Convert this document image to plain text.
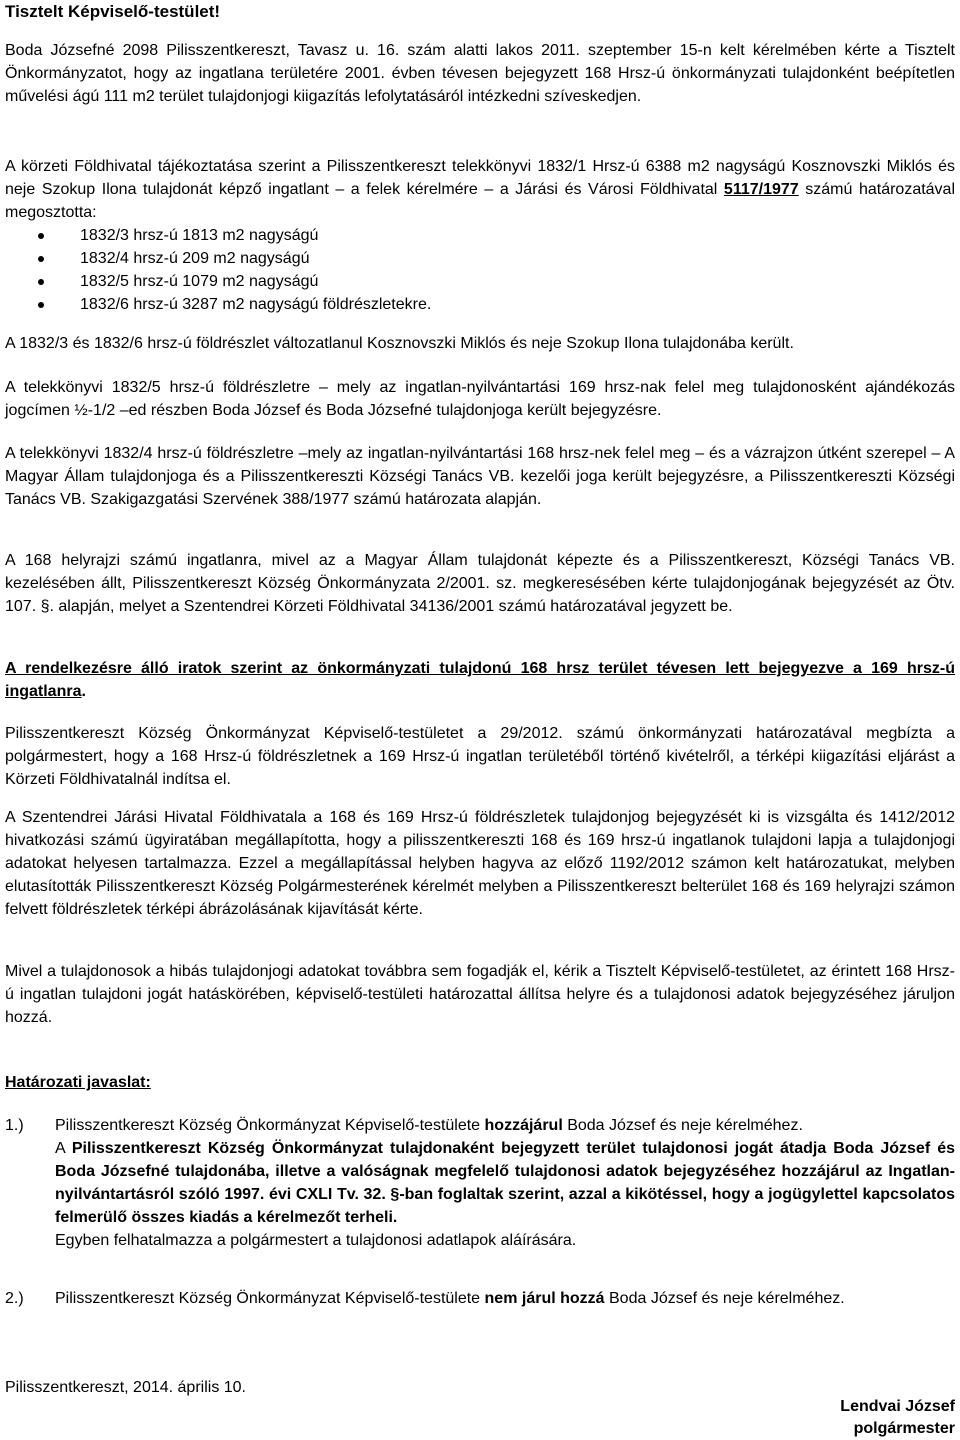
Tisztelt Képviselő-testület!

Boda Józsefné 2098 Pilisszentkereszt, Tavasz u. 16. szám alatti lakos 2011. szeptember 15-n kelt kérelmében kérte a Tisztelt Önkormányzatot, hogy az ingatlana területére 2001. évben tévesen bejegyzett 168 Hrsz-ú önkormányzati tulajdonként beépítetlen művelési ágú 111 m2 terület tulajdonjogi kiigazítás lefolytatásáról intézkedni szíveskedjen.

A körzeti Földhivatal tájékoztatása szerint a Pilisszentkereszt telekkönyvi 1832/1 Hrsz-ú 6388 m2 nagyságú Kosznovszki Miklós és neje Szokup Ilona tulajdonát képző ingatlant – a felek kérelmére – a Járási és Városi Földhivatal 5117/1977 számú határozatával megosztotta:

1832/3 hrsz-ú 1813 m2 nagyságú
1832/4 hrsz-ú 209 m2 nagyságú
1832/5 hrsz-ú 1079 m2 nagyságú
1832/6 hrsz-ú 3287 m2 nagyságú földrészletekre.

A 1832/3 és 1832/6 hrsz-ú földrészlet változatlanul Kosznovszki Miklós és neje Szokup Ilona tulajdonába került.

A telekkönyvi 1832/5 hrsz-ú földrészletre – mely az ingatlan-nyilvántartási 169 hrsz-nak felel meg tulajdonosként ajándékozás jogcímen ½-1/2 –ed részben Boda József és Boda Józsefné tulajdonjoga került bejegyzésre.

A telekkönyvi 1832/4 hrsz-ú földrészletre –mely az ingatlan-nyilvántartási 168 hrsz-nek felel meg – és a vázrajzon útként szerepel – A Magyar Állam tulajdonjoga és a Pilisszentkereszti Községi Tanács VB. kezelői joga került bejegyzésre, a Pilisszentkereszti Községi Tanács VB. Szakigazgatási Szervének 388/1977 számú határozata alapján.

A 168 helyrajzi számú ingatlanra, mivel az a Magyar Állam tulajdonát képezte és a Pilisszentkereszt, Községi Tanács VB. kezelésében állt, Pilisszentkereszt Község Önkormányzata 2/2001. sz. megkeresésében kérte tulajdonjogának bejegyzését az Ötv. 107. §. alapján, melyet a Szentendrei Körzeti Földhivatal 34136/2001 számú határozatával jegyzett be.

A rendelkezésre álló iratok szerint az önkormányzati tulajdonú 168 hrsz terület tévesen lett bejegyezve a 169 hrsz-ú ingatlanra.

Pilisszentkereszt Község Önkormányzat Képviselő-testületet a 29/2012. számú önkormányzati határozatával megbízta a polgármestert, hogy a 168 Hrsz-ú földrészletnek a 169 Hrsz-ú ingatlan területéből történő kivételről, a térképi kiigazítási eljárást a Körzeti Földhivatalnál indítsa el.

A Szentendrei Járási Hivatal Földhivatala a 168 és 169 Hrsz-ú földrészletek tulajdonjog bejegyzését ki is vizsgálta és 1412/2012 hivatkozási számú ügyiratában megállapította, hogy a pilisszentkereszti 168 és 169 hrsz-ú ingatlanok tulajdoni lapja a tulajdonjogi adatokat helyesen tartalmazza. Ezzel a megállapítással helyben hagyva az előző 1192/2012 számon kelt határozatukat, melyben elutasították Pilisszentkereszt Község Polgármesterének kérelmét melyben a Pilisszentkereszt belterület 168 és 169 helyrajzi számon felvett földrészletek térképi ábrázolásának kijavítását kérte.

Mivel a tulajdonosok a hibás tulajdonjogi adatokat továbbra sem fogadják el, kérik a Tisztelt Képviselő-testületet, az érintett 168 Hrsz-ú ingatlan tulajdoni jogát hatáskörében, képviselő-testületi határozattal állítsa helyre és a tulajdonosi adatok bejegyzéséhez járuljon hozzá.

Határozati javaslat:

1.) Pilisszentkereszt Község Önkormányzat Képviselő-testülete hozzájárul Boda József és neje kérelméhez.
A Pilisszentkereszt Község Önkormányzat tulajdonaként bejegyzett terület tulajdonosi jogát átadja Boda József és Boda Józsefné tulajdonába, illetve a valóságnak megfelelő tulajdonosi adatok bejegyzéséhez hozzájárul az Ingatlan-nyilvántartásról szóló 1997. évi CXLI Tv. 32. §-ban foglaltak szerint, azzal a kikötéssel, hogy a jogügylettel kapcsolatos felmerülő összes kiadás a kérelmezőt terheli.
Egyben felhatalmazza a polgármestert a tulajdonosi adatlapok aláírására.
2.) Pilisszentkereszt Község Önkormányzat Képviselő-testülete nem járul hozzá Boda József és neje kérelméhez.

Pilisszentkereszt, 2014. április 10.

Lendvai József
polgármester
